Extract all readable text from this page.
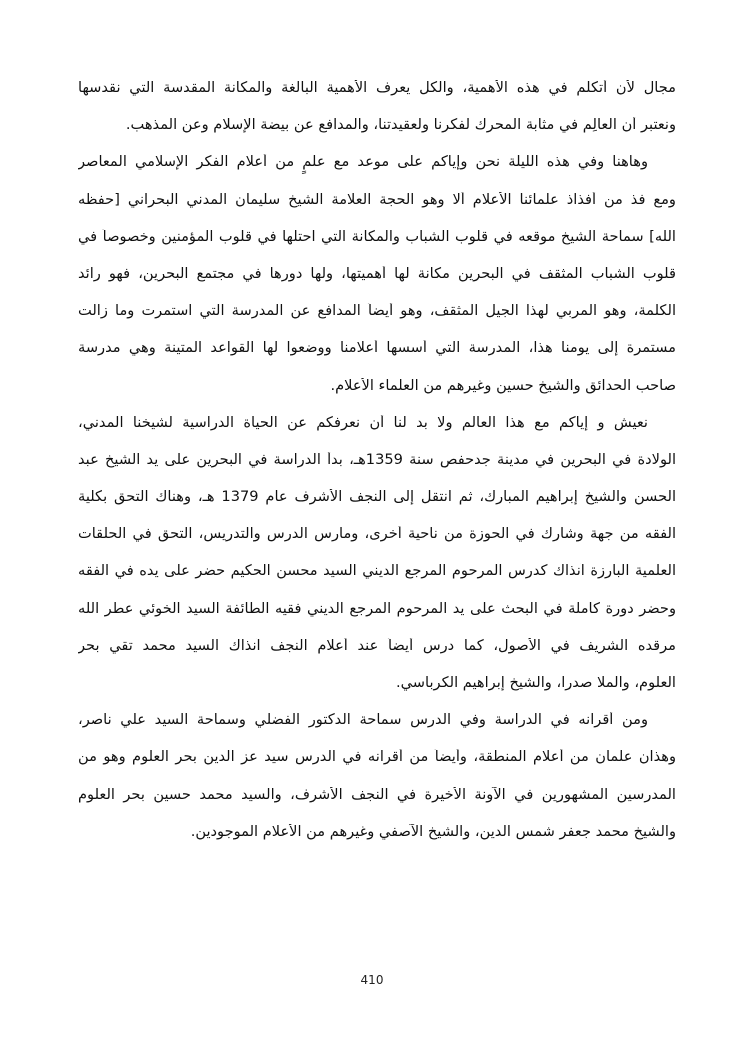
مجال لأن أتكلم في هذه الأهمية، والكل يعرف الأهمية البالغة والمكانة المقدسة التي نقدسها
ونعتبر أن العالِم في مثابة المحرك لفكرنا ولعقيدتنا، والمدافع عن بيضة الإسلام وعن المذهب.
وهاهنا وفي هذه الليلة نحن وإياكم على موعد مع علمٍ من أعلام الفكر الإسلامي المعاصر
ومع فذ من أفذاذ علمائنا الأعلام ألا وهو الحجة العلامة الشيخ سليمان المدني البحراني [حفظه
الله] سماحة الشيخ موقعه في قلوب الشباب والمكانة التي احتلها في قلوب المؤمنين وخصوصاً في
قلوب الشباب المثقف في البحرين مكانة لها أهميتها، ولها دورها في مجتمع البحرين، فهو رائد
الكلمة، وهو المربي لهذا الجيل المثقف، وهو أيضاً المدافع عن المدرسة التي استمرت وما زالت
مستمرة إلى يومنا هذا، المدرسة التي أسسها أعلامنا ووضعوا لها القواعد المتينة وهي مدرسة
صاحب الحدائق والشيخ حسين وغيرهم من العلماء الأعلام.
نعيش و إياكم مع هذا العالم ولا بد لنا أن نعرفكم عن الحياة الدراسية لشيخنا المدني،
الولادة في البحرين في مدينة جدحفص سنة 1359هـ، بدأ الدراسة في البحرين على يد الشيخ عبد
الحسن والشيخ إبراهيم المبارك، ثم انتقل إلى النجف الأشرف عام 1379 هـ، وهناك التحق بكلية
الفقه من جهة وشارك في الحوزة من ناحية أخرى، ومارس الدرس والتدريس، التحق في الحلقات
العلمية البارزة آنذاك كدرس المرحوم المرجع الديني السيد محسن الحكيم حضر على يده في الفقه
وحضر دورة كاملة في البحث على يد المرحوم المرجع الديني فقيه الطائفة السيد الخوئي عطر الله
مرقده الشريف في الأصول، كما درس أيضاً عند أعلام النجف آنذاك السيد محمد تقي بحر
العلوم، والملا صدرا، والشيخ إبراهيم الكرباسي.
ومن أقرانه في الدراسة وفي الدرس سماحة الدكتور الفضلي وسماحة السيد علي ناصر،
وهذان علمان من أعلام المنطقة، وأيضاً من أقرانه في الدرس سيد عز الدين بحر العلوم وهو من
المدرسين المشهورين في الآونة الأخيرة في النجف الأشرف، والسيد محمد حسين بحر العلوم
والشيخ محمد جعفر شمس الدين، والشيخ الآصفي وغيرهم من الأعلام الموجودين.
410
